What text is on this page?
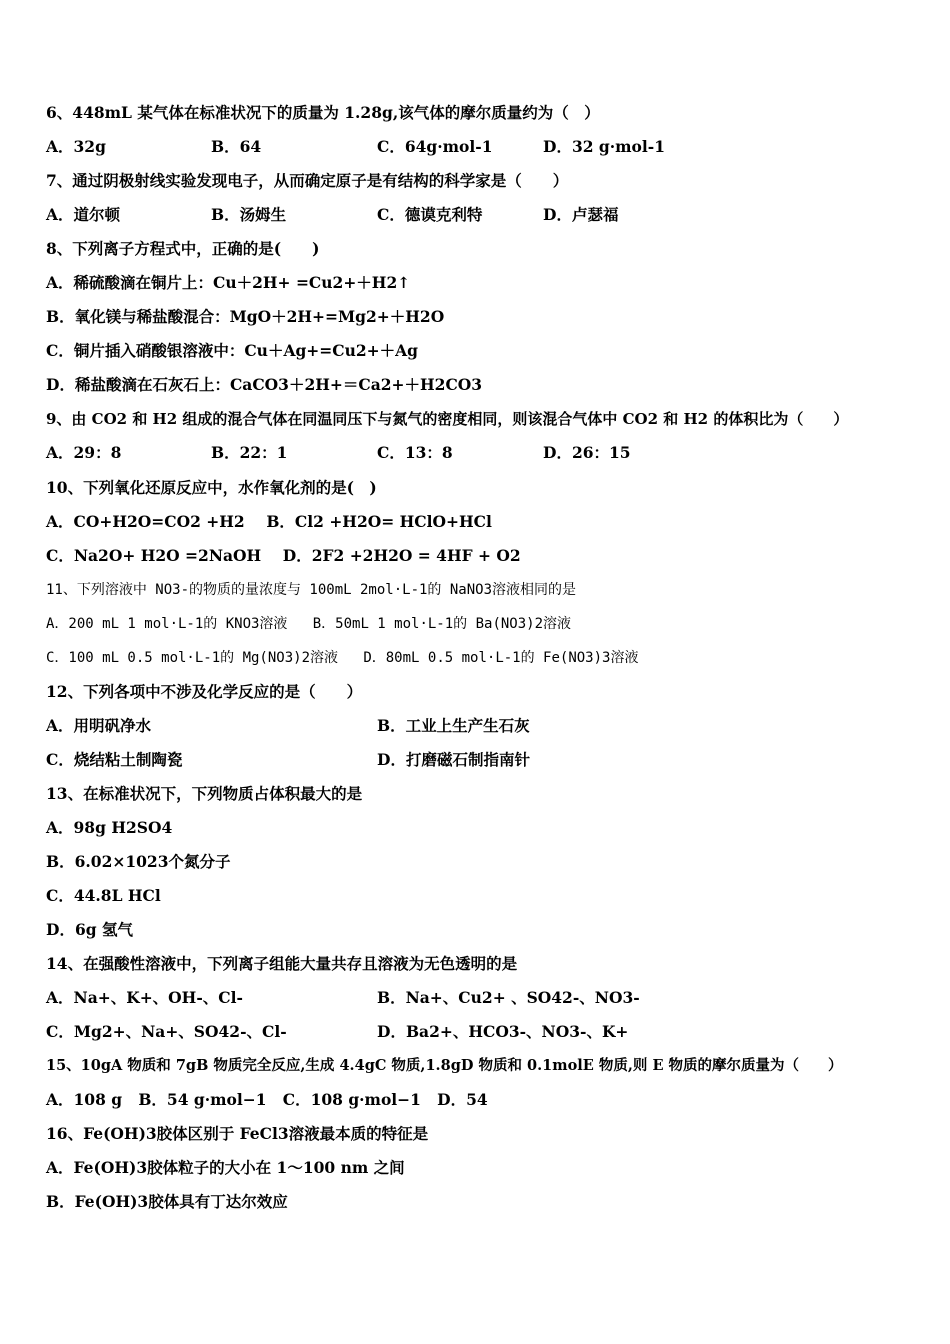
6、448mL 某气体在标准状况下的质量为 1.28g,该气体的摩尔质量约为（　）
A．32g	B．64	C．64g·mol-1	D．32 g·mol-1
7、通过阴极射线实验发现电子，从而确定原子是有结构的科学家是（　　）
A．道尔顿	B．汤姆生	C．德谟克利特	D．卢瑟福
8、下列离子方程式中，正确的是(　　)
A．稀硫酸滴在铜片上：Cu＋2H+ =Cu2+＋H2↑
B．氧化镁与稀盐酸混合：MgO＋2H+=Mg2+＋H2O
C．铜片插入硝酸银溶液中：Cu＋Ag+=Cu2+＋Ag
D．稀盐酸滴在石灰石上：CaCO3＋2H+＝Ca2+＋H2CO3
9、由 CO2 和 H2 组成的混合气体在同温同压下与氮气的密度相同，则该混合气体中 CO2 和 H2 的体积比为（　　）
A．29：8	B．22：1	C．13：8	D．26：15
10、下列氧化还原反应中，水作氧化剂的是(　)
A．CO+H2O=CO2 +H2 B．Cl2 +H2O= HClO+HCl
C．Na2O+ H2O =2NaOH D．2F2 +2H2O = 4HF + O2
11、下列溶液中 NO3-的物质的量浓度与 100mL 2mol·L-1的 NaNO3溶液相同的是
A．200 mL 1 mol·L-1的 KNO3溶液 B．50mL 1 mol·L-1的 Ba(NO3)2溶液
C．100 mL 0.5 mol·L-1的 Mg(NO3)2溶液 D．80mL 0.5 mol·L-1的 Fe(NO3)3溶液
12、下列各项中不涉及化学反应的是（　　）
A．用明矾净水	B．工业上生产生石灰
C．烧结粘土制陶瓷	D．打磨磁石制指南针
13、在标准状况下，下列物质占体积最大的是
A．98g H2SO4
B．6.02×1023个氮分子
C．44.8L HCl
D．6g 氢气
14、在强酸性溶液中，下列离子组能大量共存且溶液为无色透明的是
A．Na+、K+、OH-、Cl-	B．Na+、Cu2+ 、SO42-、NO3-
C．Mg2+、Na+、SO42-、Cl-	D．Ba2+、HCO3-、NO3-、K+
15、10gA 物质和 7gB 物质完全反应,生成 4.4gC 物质,1.8gD 物质和 0.1molE 物质,则 E 物质的摩尔质量为（　　）
A．108 g B．54 g·mol−1 C．108 g·mol−1 D．54
16、Fe(OH)3胶体区别于 FeCl3溶液最本质的特征是
A．Fe(OH)3胶体粒子的大小在 1～100 nm 之间
B．Fe(OH)3胶体具有丁达尔效应
